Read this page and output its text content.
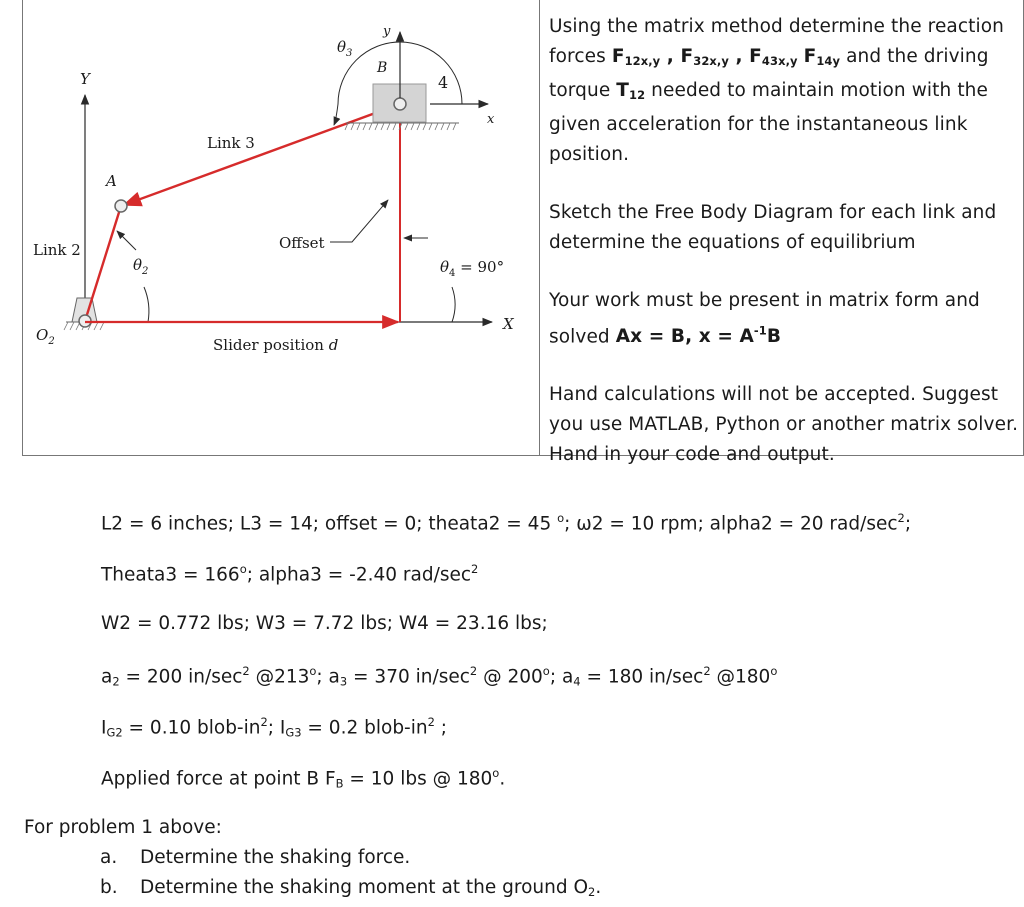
Y
X
$O_2$
$\theta_2$
Link 2
Link 3
A
B
4
y
x
$\theta_3$
Offset
$\theta_4 = 90^\circ$
Slider position d

Using the matrix method determine the reaction forces $F_{12x,y}$ , $F_{32x,y}$ , $F_{43x,y}$ $F_{14y}$ and the driving torque $T_{12}$ needed to maintain motion with the given acceleration for the instantaneous link position.

Sketch the Free Body Diagram for each link and determine the equations of equilibrium

Your work must be present in matrix form and solved Ax = B, $x = A^{-1}B$

Hand calculations will not be accepted. Suggest you use MATLAB, Python or another matrix solver. Hand in your code and output.

L2 = 6 inches; L3 = 14; offset = 0; theata2 = 45 $^o$; ω2 = 10 rpm; alpha2 = 20 rad/$\sec^2$;
Theata3 = $166^o$; alpha3 = -2.40 rad/$\sec^2$
W2 = 0.772 lbs; W3 = 7.72 lbs; W4 = 23.16 lbs;
$a_2 = 200$ $in/\sec^2$ @213$^o$; $a_3 = 370$ $in/\sec^2$ @ 200$^o$; $a_4 = 180$ $in/\sec^2$ @180$^o$
$I_{G2} = 0.10$ blob-$in^2$; $I_{G3} = 0.2$ blob-$in^2$ ;
Applied force at point B $F_B = 10$ lbs @ 180$^o$.
For problem 1 above:
a. Determine the shaking force.
b. Determine the shaking moment at the ground $O_2$.
